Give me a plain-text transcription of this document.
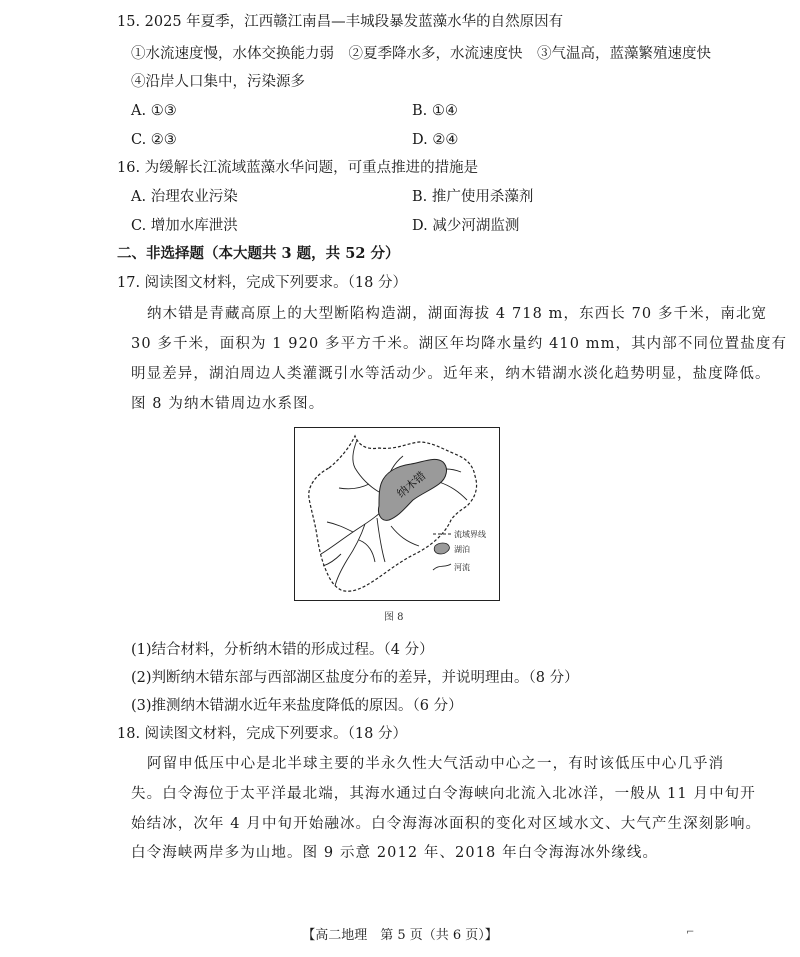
15. 2025 年夏季，江西赣江南昌—丰城段暴发蓝藻水华的自然原因有
①水流速度慢，水体交换能力弱　②夏季降水多，水流速度快　③气温高，蓝藻繁殖速度快
④沿岸人口集中，污染源多
A. ①③	B. ①④
C. ②③	D. ②④
16. 为缓解长江流域蓝藻水华问题，可重点推进的措施是
A. 治理农业污染	B. 推广使用杀藻剂
C. 增加水库泄洪	D. 减少河湖监测
二、非选择题（本大题共 3 题，共 52 分）
17. 阅读图文材料，完成下列要求。（18 分）
纳木错是青藏高原上的大型断陷构造湖，湖面海拔 4 718 m，东西长 70 多千米，南北宽
30 多千米，面积为 1 920 多平方千米。湖区年均降水量约 410 mm，其内部不同位置盐度有
明显差异，湖泊周边人类灌溉引水等活动少。近年来，纳木错湖水淡化趋势明显，盐度降低。
图 8 为纳木错周边水系图。
纳木错
流域界线
湖泊
河流
图 8
(1)结合材料，分析纳木错的形成过程。（4 分）
(2)判断纳木错东部与西部湖区盐度分布的差异，并说明理由。（8 分）
(3)推测纳木错湖水近年来盐度降低的原因。（6 分）
18. 阅读图文材料，完成下列要求。（18 分）
阿留申低压中心是北半球主要的半永久性大气活动中心之一，有时该低压中心几乎消
失。白令海位于太平洋最北端，其海水通过白令海峡向北流入北冰洋，一般从 11 月中旬开
始结冰，次年 4 月中旬开始融冰。白令海海冰面积的变化对区域水文、大气产生深刻影响。
白令海峡两岸多为山地。图 9 示意 2012 年、2018 年白令海海冰外缘线。
【高二地理　第 5 页（共 6 页）】	⌐
